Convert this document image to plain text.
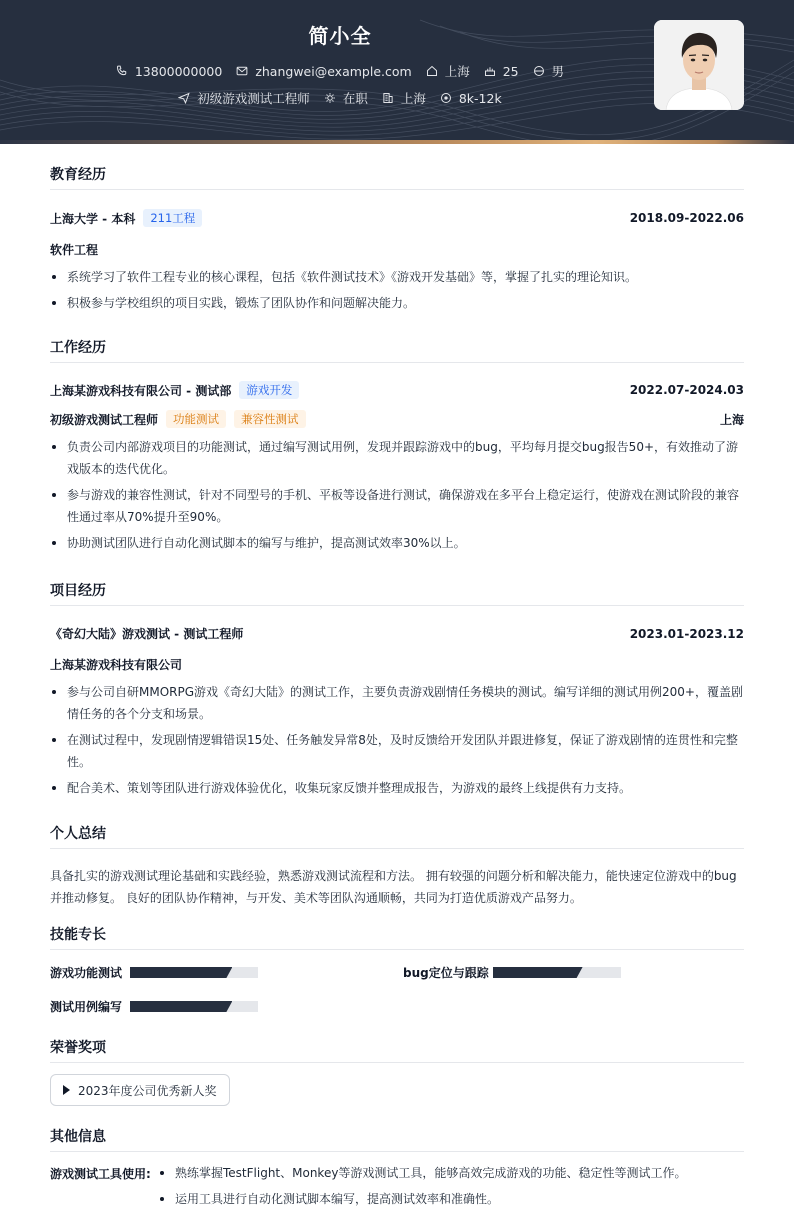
简小全
13800000000	zhangwei@example.com	上海	25	男
初级游戏测试工程师	在职	上海	8k-12k
教育经历
上海大学 - 本科	211工程	2018.09-2022.06
软件工程
系统学习了软件工程专业的核心课程，包括《软件测试技术》《游戏开发基础》等，掌握了扎实的理论知识。
积极参与学校组织的项目实践，锻炼了团队协作和问题解决能力。
工作经历
上海某游戏科技有限公司 - 测试部	游戏开发	2022.07-2024.03
初级游戏测试工程师	功能测试	兼容性测试	上海
负责公司内部游戏项目的功能测试，通过编写测试用例，发现并跟踪游戏中的bug，平均每月提交bug报告50+，有效推动了游戏版本的迭代优化。
参与游戏的兼容性测试，针对不同型号的手机、平板等设备进行测试，确保游戏在多平台上稳定运行，使游戏在测试阶段的兼容性通过率从70%提升至90%。
协助测试团队进行自动化测试脚本的编写与维护，提高测试效率30%以上。
项目经历
《奇幻大陆》游戏测试 - 测试工程师	2023.01-2023.12
上海某游戏科技有限公司
参与公司自研MMORPG游戏《奇幻大陆》的测试工作，主要负责游戏剧情任务模块的测试。编写详细的测试用例200+，覆盖剧情任务的各个分支和场景。
在测试过程中，发现剧情逻辑错误15处、任务触发异常8处，及时反馈给开发团队并跟进修复，保证了游戏剧情的连贯性和完整性。
配合美术、策划等团队进行游戏体验优化，收集玩家反馈并整理成报告，为游戏的最终上线提供有力支持。
个人总结
具备扎实的游戏测试理论基础和实践经验，熟悉游戏测试流程和方法。 拥有较强的问题分析和解决能力，能快速定位游戏中的bug并推动修复。 良好的团队协作精神，与开发、美术等团队沟通顺畅，共同为打造优质游戏产品努力。
技能专长
游戏功能测试	bug定位与跟踪
测试用例编写
荣誉奖项
2023年度公司优秀新人奖
其他信息
游戏测试工具使用:	熟练掌握TestFlight、Monkey等游戏测试工具，能够高效完成游戏的功能、稳定性等测试工作。
运用工具进行自动化测试脚本编写，提高测试效率和准确性。
